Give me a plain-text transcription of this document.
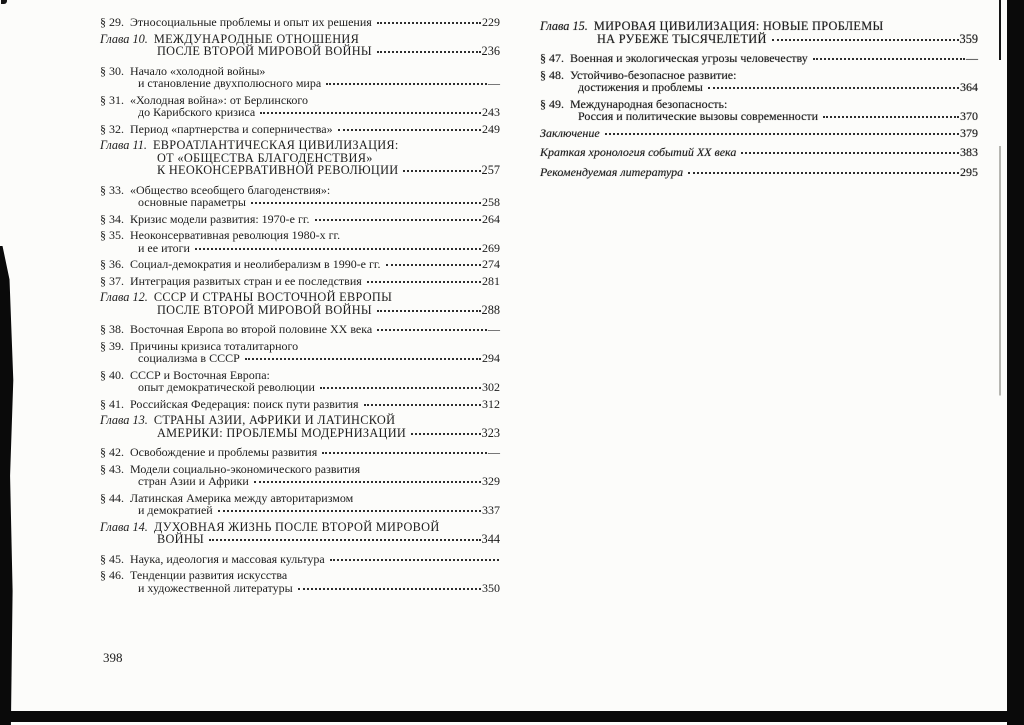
§ 29. Этносоциальные проблемы и опыт их решения	229
Глава 10. МЕЖДУНАРОДНЫЕ ОТНОШЕНИЯ
ПОСЛЕ ВТОРОЙ МИРОВОЙ ВОЙНЫ	236
§ 30. Начало «холодной войны»
и становление двухполюсного мира	—
§ 31. «Холодная война»: от Берлинского
до Карибского кризиса	243
§ 32. Период «партнерства и соперничества»	249
Глава 11. ЕВРОАТЛАНТИЧЕСКАЯ ЦИВИЛИЗАЦИЯ:
ОТ «ОБЩЕСТВА БЛАГОДЕНСТВИЯ»
К НЕОКОНСЕРВАТИВНОЙ РЕВОЛЮЦИИ	257
§ 33. «Общество всеобщего благоденствия»:
основные параметры	258
§ 34. Кризис модели развития: 1970-е гг.	264
§ 35. Неоконсервативная революция 1980-х гг.
и ее итоги	269
§ 36. Социал-демократия и неолиберализм в 1990-е гг.	274
§ 37. Интеграция развитых стран и ее последствия	281
Глава 12. СССР И СТРАНЫ ВОСТОЧНОЙ ЕВРОПЫ
ПОСЛЕ ВТОРОЙ МИРОВОЙ ВОЙНЫ	288
§ 38. Восточная Европа во второй половине XX века	—
§ 39. Причины кризиса тоталитарного
социализма в СССР	294
§ 40. СССР и Восточная Европа:
опыт демократической революции	302
§ 41. Российская Федерация: поиск пути развития	312
Глава 13. СТРАНЫ АЗИИ, АФРИКИ И ЛАТИНСКОЙ
АМЕРИКИ: ПРОБЛЕМЫ МОДЕРНИЗАЦИИ	323
§ 42. Освобождение и проблемы развития	—
§ 43. Модели социально-экономического развития
стран Азии и Африки	329
§ 44. Латинская Америка между авторитаризмом
и демократией	337
Глава 14. ДУХОВНАЯ ЖИЗНЬ ПОСЛЕ ВТОРОЙ МИРОВОЙ
ВОЙНЫ	344
§ 45. Наука, идеология и массовая культура
§ 46. Тенденции развития искусства
и художественной литературы	350
Глава 15. МИРОВАЯ ЦИВИЛИЗАЦИЯ: НОВЫЕ ПРОБЛЕМЫ
НА РУБЕЖЕ ТЫСЯЧЕЛЕТИЙ	359
§ 47. Военная и экологическая угрозы человечеству	—
§ 48. Устойчиво-безопасное развитие:
достижения и проблемы	364
§ 49. Международная безопасность:
Россия и политические вызовы современности	370
Заключение	379
Краткая хронология событий XX века	383
Рекомендуемая литература	295
398
